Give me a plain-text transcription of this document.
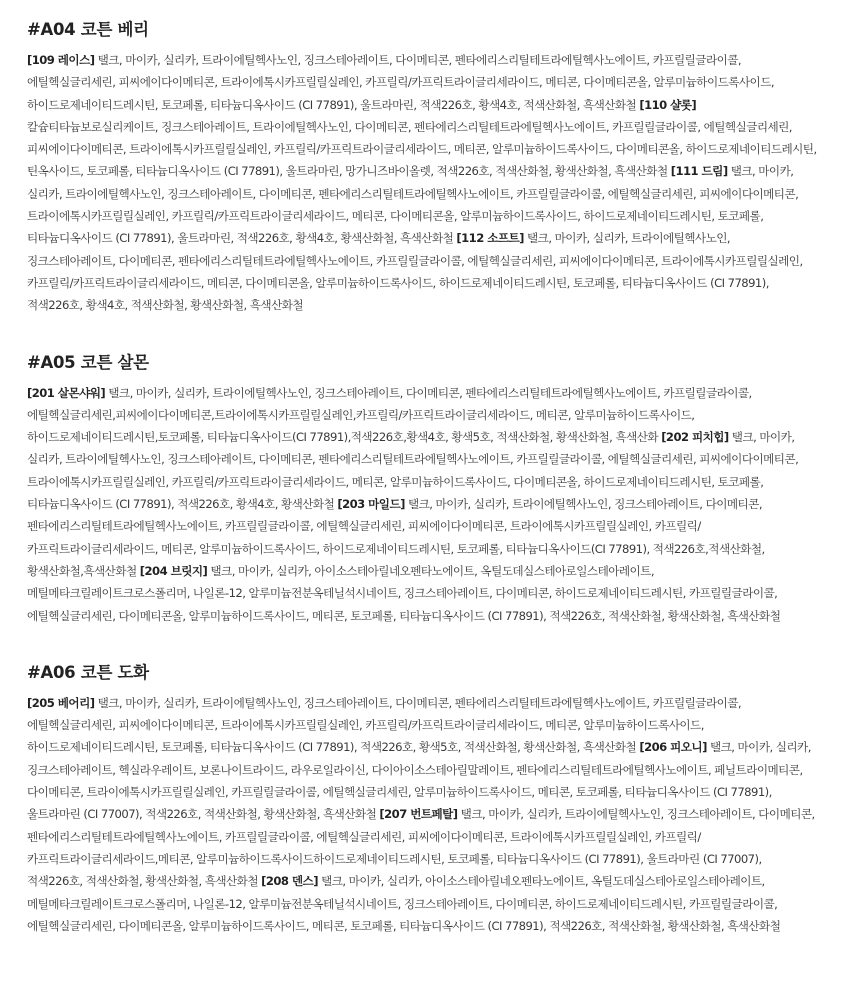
#A04 코튼 베리
[109 레이스] 탤크, 마이카, 실리카, 트라이에틸헥사노인, 징크스테아레이트, 다이메티콘, 펜타에리스리틸테트라에틸헥사노에이트, 카프릴릴글라이콜, 에틸헥실글리세린, 피씨에이다이메티콘, 트라이에톡시카프릴릴실레인, 카프릴릭/카프릭트라이글리세라이드, 메티콘, 다이메티콘올, 알루미늄하이드록사이드, 하이드로제네이티드레시틴, 토코페롤, 티타늄디옥사이드 (CI 77891), 울트라마린, 적색226호, 황색4호, 적색산화철, 흑색산화철 [110 샬롯] 칼슘티타늄보로실리케이트, 징크스테아레이트, 트라이에틸헥사노인, 다이메티콘, 펜타에리스리틸테트라에틸헥사노에이트, 카프릴릴글라이콜, 에틸헥실글리세린, 피씨에이다이메티콘, 트라이에톡시카프릴릴실레인, 카프릴릭/카프릭트라이글리세라이드, 메티콘, 알루미늄하이드록사이드, 다이메티콘올, 하이드로제네이티드레시틴, 틴옥사이드, 토코페롤, 티타늄디옥사이드 (CI 77891), 울트라마린, 망가니즈바이올렛, 적색226호, 적색산화철, 황색산화철, 흑색산화철 [111 드림] 탤크, 마이카, 실리카, 트라이에틸헥사노인, 징크스테아레이트, 다이메티콘, 펜타에리스리틸테트라에틸헥사노에이트, 카프릴릴글라이콜, 에틸헥실글리세린, 피씨에이다이메티콘, 트라이에톡시카프릴릴실레인, 카프릴릭/카프릭트라이글리세라이드, 메티콘, 다이메티콘올, 알루미늄하이드록사이드, 하이드로제네이티드레시틴, 토코페롤, 티타늄디옥사이드 (CI 77891), 울트라마린, 적색226호, 황색4호, 황색산화철, 흑색산화철 [112 소프트] 탤크, 마이카, 실리카, 트라이에틸헥사노인, 징크스테아레이트, 다이메티콘, 펜타에리스리틸테트라에틸헥사노에이트, 카프릴릴글라이콜, 에틸헥실글리세린, 피씨에이다이메티콘, 트라이에톡시카프릴릴실레인, 카프릴릭/카프릭트라이글리세라이드, 메티콘, 다이메티콘올, 알루미늄하이드록사이드, 하이드로제네이티드레시틴, 토코페롤, 티타늄디옥사이드 (CI 77891), 적색226호, 황색4호, 적색산화철, 황색산화철, 흑색산화철
#A05 코튼 살몬
[201 살몬샤워] 탤크, 마이카, 실리카, 트라이에틸헥사노인, 징크스테아레이트, 다이메티콘, 펜타에리스리틸테트라에틸헥사노에이트, 카프릴릴글라이콜, 에틸헥실글리세린,피씨에이다이메티콘,트라이에톡시카프릴릴실레인,카프릴릭/카프릭트라이글리세라이드, 메티콘, 알루미늄하이드록사이드, 하이드로제네이티드레시틴,토코페롤, 티타늄디옥사이드(CI 77891),적색226호,황색4호, 황색5호, 적색산화철, 황색산화철, 흑색산화 [202 피치힙] 탤크, 마이카, 실리카, 트라이에틸헥사노인, 징크스테아레이트, 다이메티콘, 펜타에리스리틸테트라에틸헥사노에이트, 카프릴릴글라이콜, 에틸헥실글리세린, 피씨에이다이메티콘, 트라이에톡시카프릴릴실레인, 카프릴릭/카프릭트라이글리세라이드, 메티콘, 알루미늄하이드록사이드, 다이메티콘올, 하이드로제네이티드레시틴, 토코페롤, 티타늄디옥사이드 (CI 77891), 적색226호, 황색4호, 황색산화철 [203 마일드] 탤크, 마이카, 실리카, 트라이에틸헥사노인, 징크스테아레이트, 다이메티콘,펜타에리스리틸테트라에틸헥사노에이트, 카프릴릴글라이콜, 에틸헥실글리세린, 피씨에이다이메티콘, 트라이에톡시카프릴릴실레인, 카프릴릭/카프릭트라이글리세라이드, 메티콘, 알루미늄하이드록사이드, 하이드로제네이티드레시틴, 토코페롤, 티타늄디옥사이드(CI 77891), 적색226호,적색산화철,황색산화철,흑색산화철 [204 브릿지] 탤크, 마이카, 실리카, 아이소스테아릴네오펜타노에이트, 옥틸도데실스테아로일스테아레이트, 메틸메타크릴레이트크로스폴리머, 나일론-12, 알루미늄전분옥테닐석시네이트, 징크스테아레이트, 다이메티콘, 하이드로제네이티드레시틴, 카프릴릴글라이콜, 에틸헥실글리세린, 다이메티콘올, 알루미늄하이드록사이드, 메티콘, 토코페롤, 티타늄디옥사이드 (CI 77891), 적색226호, 적색산화철, 황색산화철, 흑색산화철
#A06 코튼 도화
[205 베어리] 탤크, 마이카, 실리카, 트라이에틸헥사노인, 징크스테아레이트, 다이메티콘, 펜타에리스리틸테트라에틸헥사노에이트, 카프릴릴글라이콜, 에틸헥실글리세린, 피씨에이다이메티콘, 트라이에톡시카프릴릴실레인, 카프릴릭/카프릭트라이글리세라이드, 메티콘, 알루미늄하이드록사이드, 하이드로제네이티드레시틴, 토코페롤, 티타늄디옥사이드 (CI 77891), 적색226호, 황색5호, 적색산화철, 황색산화철, 흑색산화철 [206 피오니] 탤크, 마이카, 실리카, 징크스테아레이트, 헥실라우레이트, 보론나이트라이드, 라우로일라이신, 다이아이소스테아릴말레이트, 펜타에리스리틸테트라에틸헥사노에이트, 페닐트라이메티콘, 다이메티콘, 트라이에톡시카프릴릴실레인, 카프릴릴글라이콜, 에틸헥실글리세린, 알루미늄하이드록사이드, 메티콘, 토코페롤, 티타늄디옥사이드 (CI 77891), 울트라마린 (CI 77007), 적색226호, 적색산화철, 황색산화철, 흑색산화철 [207 번트페탈] 탤크, 마이카, 실리카, 트라이에틸헥사노인, 징크스테아레이트, 다이메티콘, 펜타에리스리틸테트라에틸헥사노에이트, 카프릴릴글라이콜, 에틸헥실글리세린, 피씨에이다이메티콘, 트라이에톡시카프릴릴실레인, 카프릴릭/카프릭트라이글리세라이드,메티콘, 알루미늄하이드록사이드하이드로제네이티드레시틴, 토코페롤, 티타늄디옥사이드 (CI 77891), 울트라마린 (CI 77007), 적색226호, 적색산화철, 황색산화철, 흑색산화철 [208 덴스] 탤크, 마이카, 실리카, 아이소스테아릴네오펜타노에이트, 옥틸도데실스테아로일스테아레이트, 메틸메타크릴레이트크로스폴리머, 나일론-12, 알루미늄전분옥테닐석시네이트, 징크스테아레이트, 다이메티콘, 하이드로제네이티드레시틴, 카프릴릴글라이콜, 에틸헥실글리세린, 다이메티콘올, 알루미늄하이드록사이드, 메티콘, 토코페롤, 티타늄디옥사이드 (CI 77891), 적색226호, 적색산화철, 황색산화철, 흑색산화철
